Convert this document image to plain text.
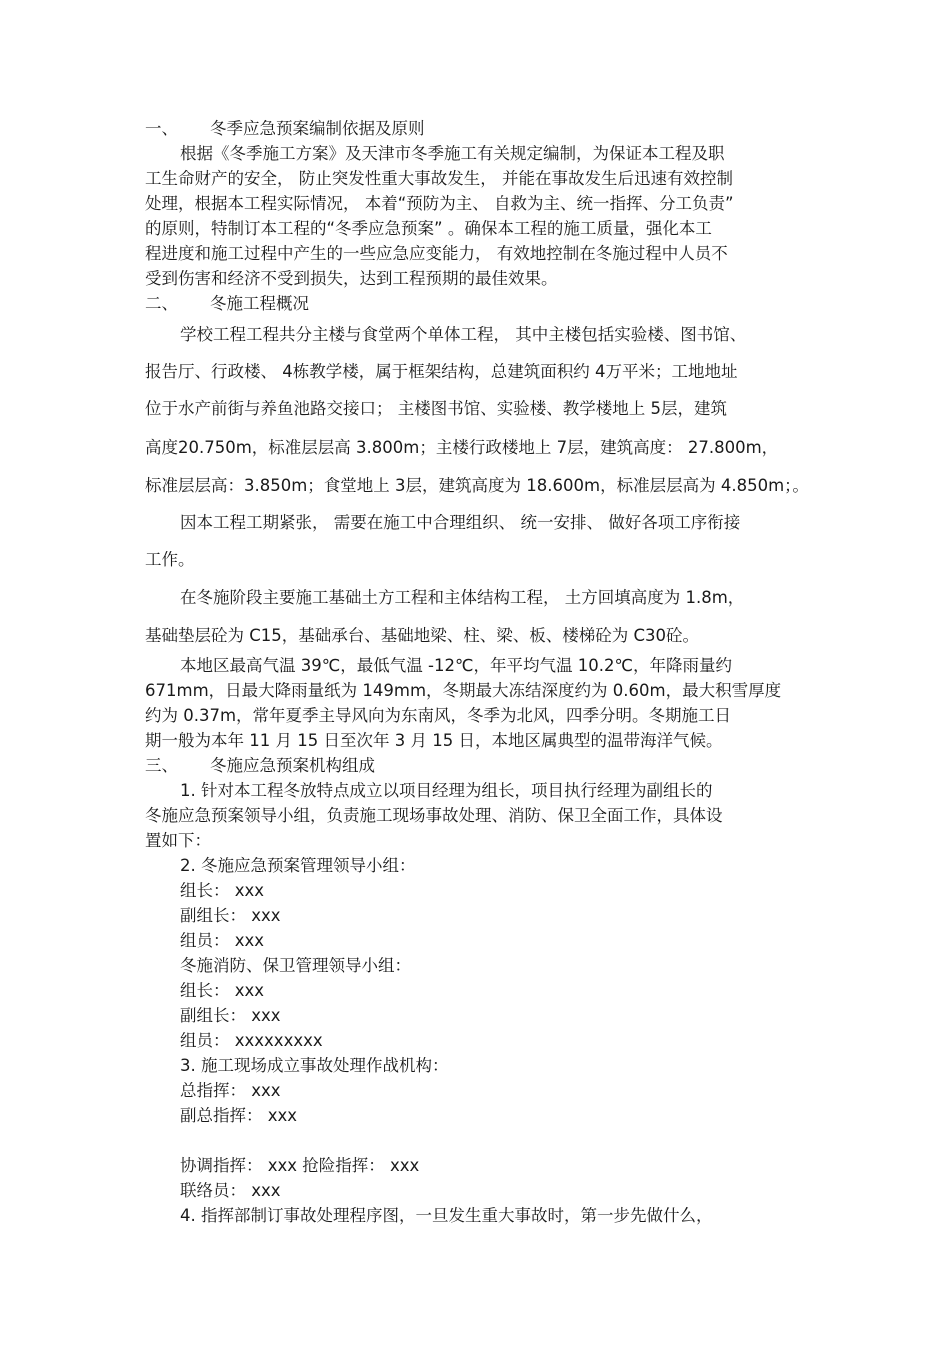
一、 冬季应急预案编制依据及原则
根据《冬季施工方案》及天津市冬季施工有关规定编制，为保证本工程及职
工生命财产的安全， 防止突发性重大事故发生， 并能在事故发生后迅速有效控制
处理，根据本工程实际情况， 本着“预防为主、 自救为主、统一指挥、分工负责”
的原则，特制订本工程的“冬季应急预案” 。确保本工程的施工质量，强化本工
程进度和施工过程中产生的一些应急应变能力， 有效地控制在冬施过程中人员不
受到伤害和经济不受到损失，达到工程预期的最佳效果。
二、 冬施工程概况
学校工程工程共分主楼与食堂两个单体工程， 其中主楼包括实验楼、图书馆、
报告厅、行政楼、 4栋教学楼，属于框架结构，总建筑面积约 4万平米；工地地址
位于水产前街与养鱼池路交接口； 主楼图书馆、实验楼、教学楼地上 5层，建筑
高度20.750m，标准层层高 3.800m；主楼行政楼地上 7层，建筑高度： 27.800m，
标准层层高：3.850m；食堂地上 3层，建筑高度为 18.600m，标准层层高为 4.850m；。
因本工程工期紧张， 需要在施工中合理组织、 统一安排、 做好各项工序衔接
工作。
在冬施阶段主要施工基础土方工程和主体结构工程， 土方回填高度为 1.8m，
基础垫层砼为 C15，基础承台、基础地梁、柱、梁、板、楼梯砼为 C30砼。
本地区最高气温 39℃，最低气温 -12℃，年平均气温 10.2℃，年降雨量约
671mm，日最大降雨量纸为 149mm，冬期最大冻结深度约为 0.60m，最大积雪厚度
约为 0.37m，常年夏季主导风向为东南风，冬季为北风，四季分明。冬期施工日
期一般为本年 11 月 15 日至次年 3 月 15 日，本地区属典型的温带海洋气候。
三、 冬施应急预案机构组成
1. 针对本工程冬放特点成立以项目经理为组长，项目执行经理为副组长的
冬施应急预案领导小组，负责施工现场事故处理、消防、保卫全面工作，具体设
置如下：
2. 冬施应急预案管理领导小组：
组长： xxx
副组长： xxx
组员： xxx
冬施消防、保卫管理领导小组：
组长： xxx
副组长： xxx
组员： xxxxxxxxx
3. 施工现场成立事故处理作战机构：
总指挥： xxx
副总指挥： xxx
协调指挥： xxx 抢险指挥： xxx
联络员： xxx
4. 指挥部制订事故处理程序图，一旦发生重大事故时，第一步先做什么，
